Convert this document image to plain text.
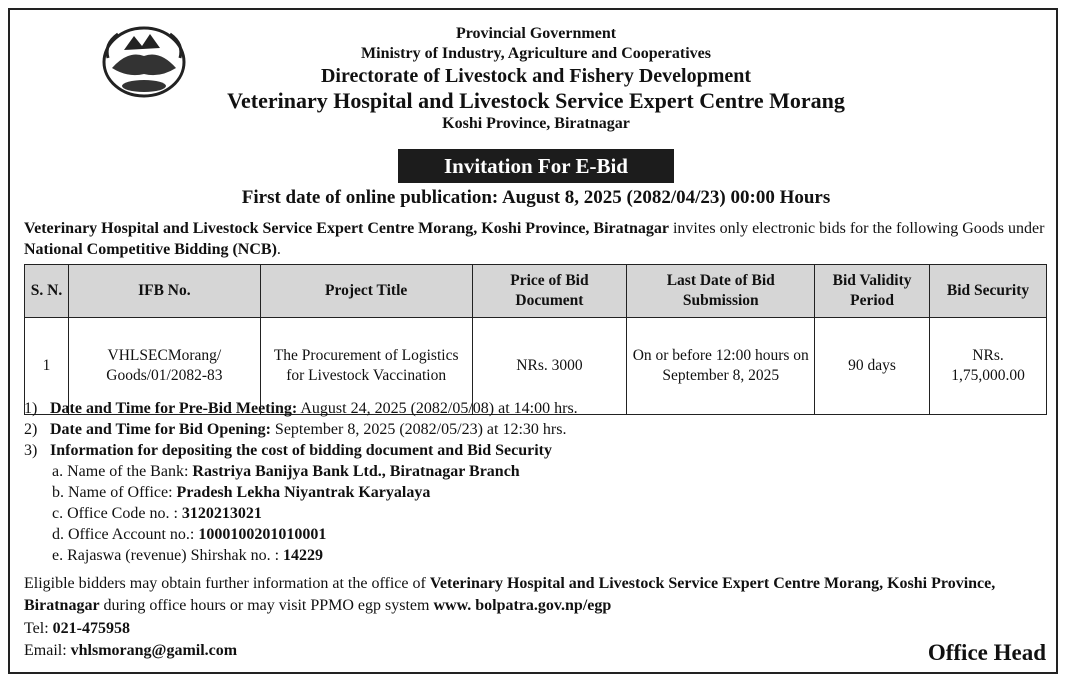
Provincial Government
Ministry of Industry, Agriculture and Cooperatives
Directorate of Livestock and Fishery Development
Veterinary Hospital and Livestock Service Expert Centre Morang
Koshi Province, Biratnagar
Invitation For E-Bid
First date of online publication: August 8, 2025 (2082/04/23) 00:00 Hours
Veterinary Hospital and Livestock Service Expert Centre Morang, Koshi Province, Biratnagar invites only electronic bids for the following Goods under National Competitive Bidding (NCB).
S. N.	IFB No.	Project Title	Price of Bid Document	Last Date of Bid Submission	Bid Validity Period	Bid Security
1	VHLSECMorang/ Goods/01/2082-83	The Procurement of Logistics for Livestock Vaccination	NRs. 3000	On or before 12:00 hours on September 8, 2025	90 days	NRs. 1,75,000.00
1) Date and Time for Pre-Bid Meeting: August 24, 2025 (2082/05/08) at 14:00 hrs.
2) Date and Time for Bid Opening: September 8, 2025 (2082/05/23) at 12:30 hrs.
3) Information for depositing the cost of bidding document and Bid Security
a. Name of the Bank: Rastriya Banijya Bank Ltd., Biratnagar Branch
b. Name of Office: Pradesh Lekha Niyantrak Karyalaya
c. Office Code no. : 3120213021
d. Office Account no.: 1000100201010001
e. Rajaswa (revenue) Shirshak no. : 14229
Eligible bidders may obtain further information at the office of Veterinary Hospital and Livestock Service Expert Centre Morang, Koshi Province, Biratnagar during office hours or may visit PPMO egp system www. bolpatra.gov.np/egp
Tel: 021-475958
Email: vhlsmorang@gamil.com	Office Head
